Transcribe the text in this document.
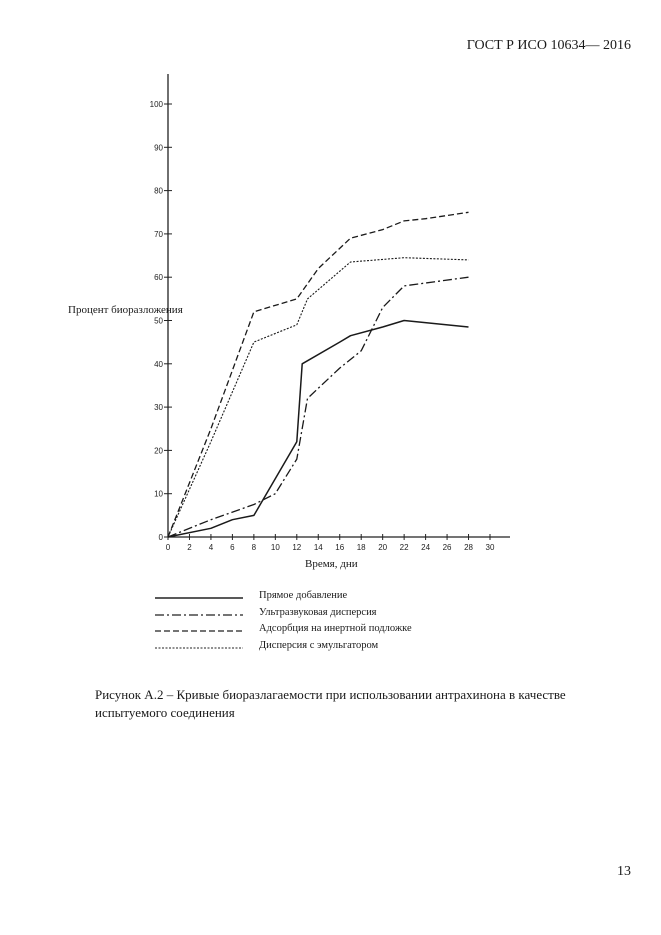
ГОСТ Р ИСО 10634— 2016
0
10
20
30
40
50
60
70
80
90
100
0 2 4 6 8 10 12 14 16 18 20 22 24 26 28 30
Процент биоразложения
Время, дни
Прямое добавление
Ультразвуковая дисперсия
Адсорбция на инертной подложке
Дисперсия с эмульгатором
Рисунок А.2 – Кривые биоразлагаемости при использовании антрахинона в качестве испытуемого соединения
13
